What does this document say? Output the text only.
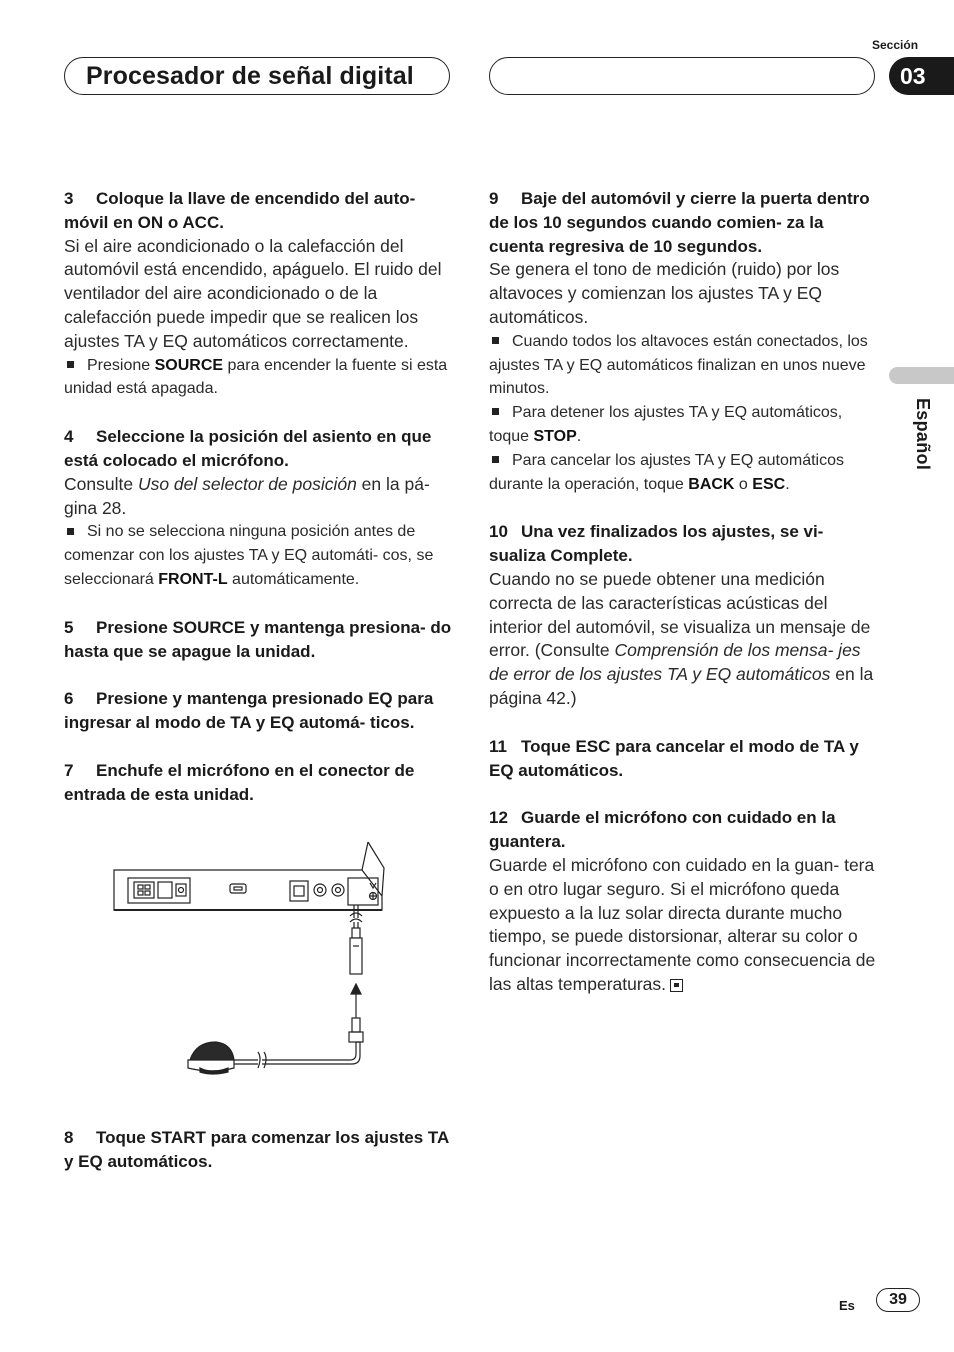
Procesador de señal digital
Sección
03
Español

3 Coloque la llave de encendido del auto- móvil en ON o ACC.

Si el aire acondicionado o la calefacción del automóvil está encendido, apáguelo. El ruido del ventilador del aire acondicionado o de la calefacción puede impedir que se realicen los ajustes TA y EQ automáticos correctamente.

Presione SOURCE para encender la fuente si esta unidad está apagada.

4 Seleccione la posición del asiento en que está colocado el micrófono.

Consulte Uso del selector de posición en la pá- gina 28.

Si no se selecciona ninguna posición antes de comenzar con los ajustes TA y EQ automáti- cos, se seleccionará FRONT-L automáticamente.

5 Presione SOURCE y mantenga presiona- do hasta que se apague la unidad.

6 Presione y mantenga presionado EQ para ingresar al modo de TA y EQ automá- ticos.

7 Enchufe el micrófono en el conector de entrada de esta unidad.

8 Toque START para comenzar los ajustes TA y EQ automáticos.

9 Baje del automóvil y cierre la puerta dentro de los 10 segundos cuando comien- za la cuenta regresiva de 10 segundos.

Se genera el tono de medición (ruido) por los altavoces y comienzan los ajustes TA y EQ automáticos.

Cuando todos los altavoces están conectados, los ajustes TA y EQ automáticos finalizan en unos nueve minutos.

Para detener los ajustes TA y EQ automáticos, toque STOP.

Para cancelar los ajustes TA y EQ automáticos durante la operación, toque BACK o ESC.

10 Una vez finalizados los ajustes, se vi- sualiza Complete.

Cuando no se puede obtener una medición correcta de las características acústicas del interior del automóvil, se visualiza un mensaje de error. (Consulte Comprensión de los mensa- jes de error de los ajustes TA y EQ automáticos en la página 42.)

11 Toque ESC para cancelar el modo de TA y EQ automáticos.

12 Guarde el micrófono con cuidado en la guantera.

Guarde el micrófono con cuidado en la guan- tera o en otro lugar seguro. Si el micrófono queda expuesto a la luz solar directa durante mucho tiempo, se puede distorsionar, alterar su color o funcionar incorrectamente como consecuencia de las altas temperaturas.

Es	39
